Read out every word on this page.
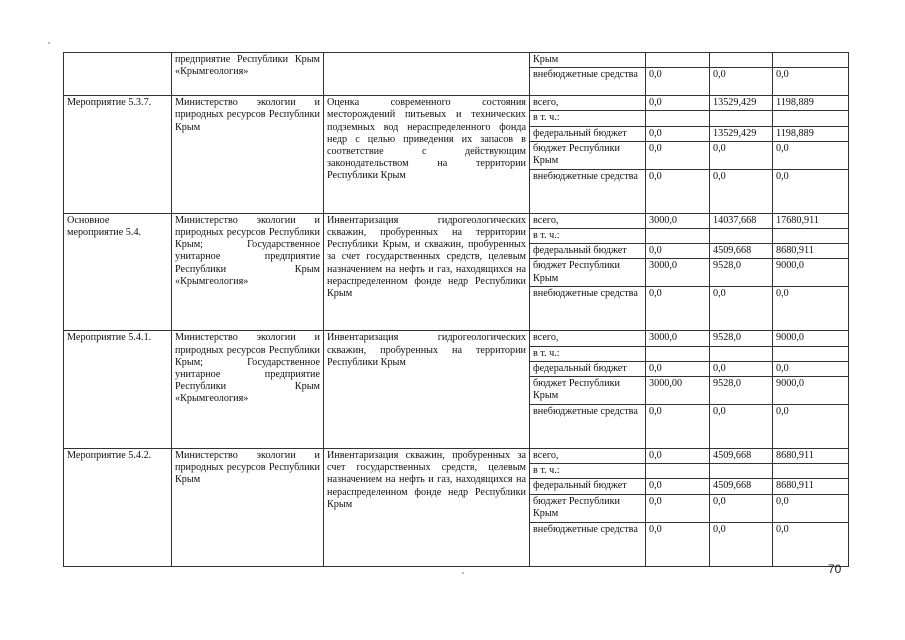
	предприятие Республики Крым «Крымгеология»		Крым			
			внебюджетные средства	0,0	0,0	0,0
Мероприятие 5.3.7.	Министерство экологии и природных ресурсов Республики Крым	Оценка современного состояния месторождений питьевых и технических подземных вод нераспределенного фонда недр с целью приведения их запасов в соответствие с действующим законодательством на территории Республики Крым	всего,	0,0	13529,429	1198,889
			в т. ч.:			
			федеральный бюджет	0,0	13529,429	1198,889
			бюджет Республики Крым	0,0	0,0	0,0
			внебюджетные средства	0,0	0,0	0,0
Основное мероприятие 5.4.	Министерство экологии и природных ресурсов Республики Крым; Государственное унитарное предприятие Республики Крым «Крымгеология»	Инвентаризация гидрогеологических скважин, пробуренных на территории Республики Крым, и скважин, пробуренных за счет государственных средств, целевым назначением на нефть и газ, находящихся на нераспределенном фонде недр Республики Крым	всего,	3000,0	14037,668	17680,911
			в т. ч.:			
			федеральный бюджет	0,0	4509,668	8680,911
			бюджет Республики Крым	3000,0	9528,0	9000,0
			внебюджетные средства	0,0	0,0	0,0
Мероприятие 5.4.1.	Министерство экологии и природных ресурсов Республики Крым; Государственное унитарное предприятие Республики Крым «Крымгеология»	Инвентаризация гидрогеологических скважин, пробуренных на территории Республики Крым	всего,	3000,0	9528,0	9000,0
			в т. ч.:			
			федеральный бюджет	0,0	0,0	0,0
			бюджет Республики Крым	3000,00	9528,0	9000,0
			внебюджетные средства	0,0	0,0	0,0
Мероприятие 5.4.2.	Министерство экологии и природных ресурсов Республики Крым	Инвентаризация скважин, пробуренных за счет государственных средств, целевым назначением на нефть и газ, находящихся на нераспределенном фонде недр Республики Крым	всего,	0,0	4509,668	8680,911
			в т. ч.:			
			федеральный бюджет	0,0	4509,668	8680,911
			бюджет Республики Крым	0,0	0,0	0,0
			внебюджетные средства	0,0	0,0	0,0
70
